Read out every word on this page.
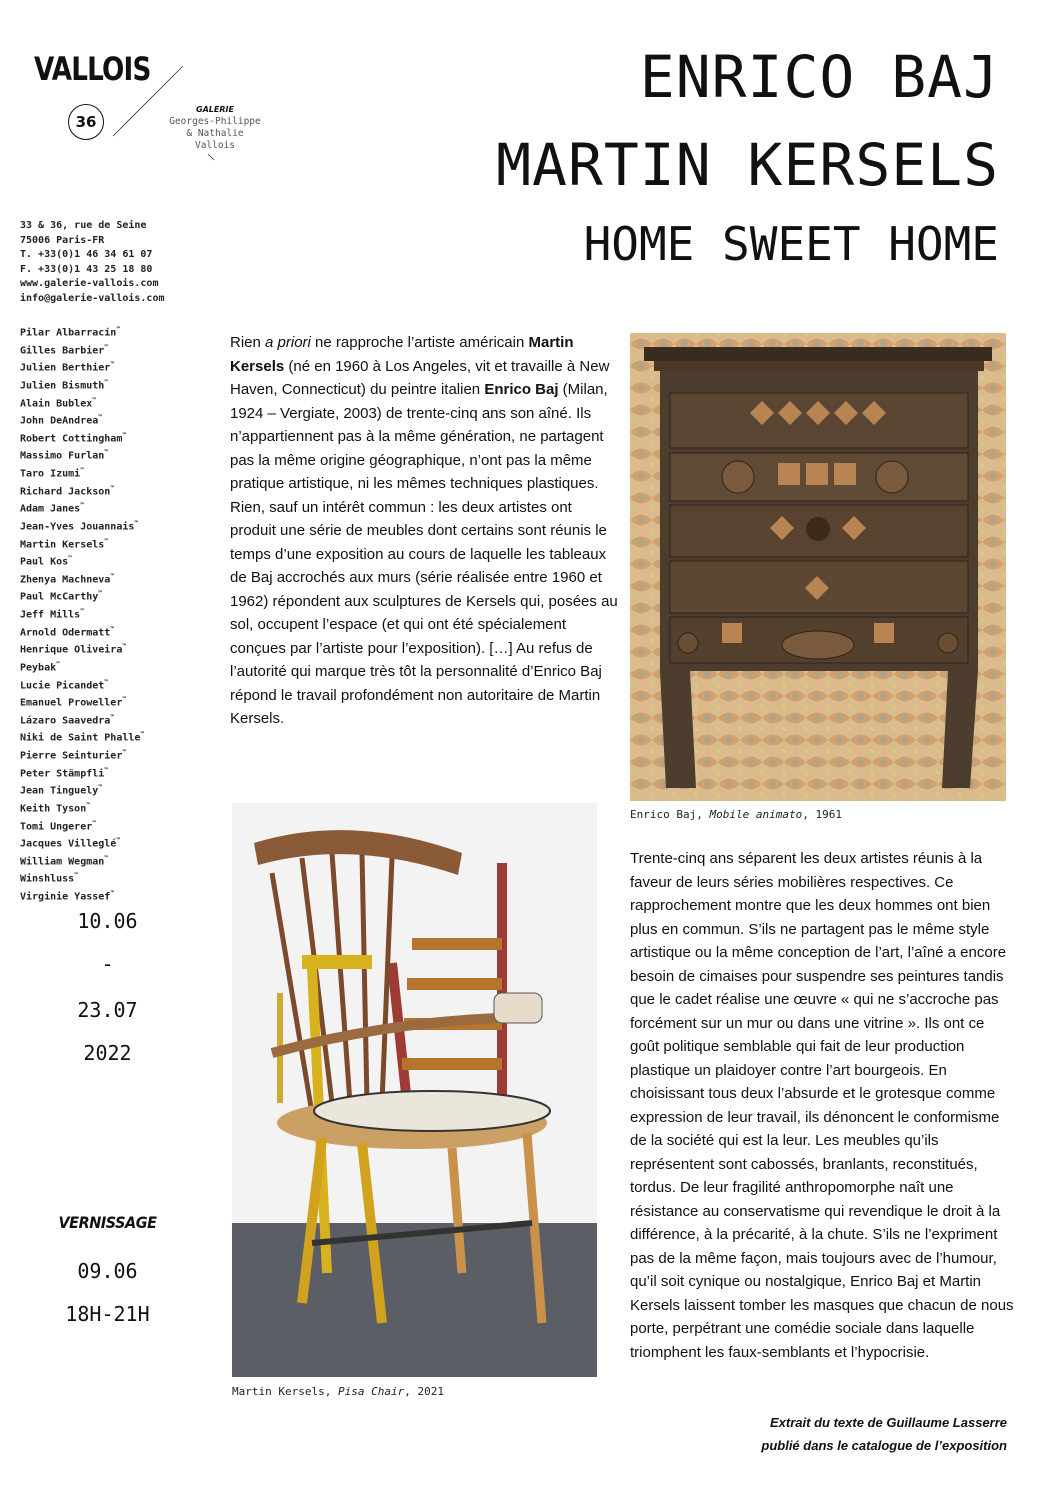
VALLOIS
36
GALERIE
Georges-Philippe
& Nathalie
Vallois
ENRICO BAJ
MARTIN KERSELS
HOME SWEET HOME
33 & 36, rue de Seine
75006 Paris-FR
T. +33(0)1 46 34 61 07
F. +33(0)1 43 25 18 80
www.galerie-vallois.com
info@galerie-vallois.com
Pilar Albarracín™
Gilles Barbier™
Julien Berthier™
Julien Bismuth™
Alain Bublex™
John DeAndrea™
Robert Cottingham™
Massimo Furlan™
Taro Izumi™
Richard Jackson™
Adam Janes™
Jean-Yves Jouannais™
Martin Kersels™
Paul Kos™
Zhenya Machneva™
Paul McCarthy™
Jeff Mills™
Arnold Odermatt™
Henrique Oliveira™
Peybak™
Lucie Picandet™
Emanuel Proweller™
Lázaro Saavedra™
Niki de Saint Phalle™
Pierre Seinturier™
Peter Stämpfli™
Jean Tinguely™
Keith Tyson™
Tomi Ungerer™
Jacques Villeglé™
William Wegman™
Winshluss™
Virginie Yassef™
10.06
-
23.07
2022
VERNISSAGE
09.06
18H-21H
Rien a priori ne rapproche l’artiste américain Martin Kersels (né en 1960 à Los Angeles, vit et travaille à New Haven, Connecticut) du peintre italien Enrico Baj (Milan, 1924 – Vergiate, 2003) de trente-cinq ans son aîné. Ils n’appartiennent pas à la même génération, ne partagent pas la même origine géographique, n’ont pas la même pratique artistique, ni les mêmes techniques plastiques. Rien, sauf un intérêt commun : les deux artistes ont produit une série de meubles dont certains sont réunis le temps d’une exposition au cours de laquelle les tableaux de Baj accrochés aux murs (série réalisée entre 1960 et 1962) répondent aux sculptures de Kersels qui, posées au sol, occupent l’espace (et qui ont été spécialement conçues par l’artiste pour l’exposition). […] Au refus de l’autorité qui marque très tôt la personnalité d’Enrico Baj répond le travail profondément non autoritaire de Martin Kersels.
Enrico Baj, Mobile animato, 1961
Martin Kersels, Pisa Chair, 2021
Trente-cinq ans séparent les deux artistes réunis à la faveur de leurs séries mobilières respectives. Ce rapprochement montre que les deux hommes ont bien plus en commun. S’ils ne partagent pas le même style artistique ou la même conception de l’art, l’aîné a encore besoin de cimaises pour suspendre ses peintures tandis que le cadet réalise une œuvre « qui ne s’accroche pas forcément sur un mur ou dans une vitrine ». Ils ont ce goût politique semblable qui fait de leur production plastique un plaidoyer contre l’art bourgeois. En choisissant tous deux l’absurde et le grotesque comme expression de leur travail, ils dénoncent le conformisme de la société qui est la leur. Les meubles qu’ils représentent sont cabossés, branlants, reconstitués, tordus. De leur fragilité anthropomorphe naît une résistance au conservatisme qui revendique le droit à la différence, à la précarité, à la chute. S’ils ne l’expriment pas de la même façon, mais toujours avec de l’humour, qu’il soit cynique ou nostalgique, Enrico Baj et Martin Kersels laissent tomber les masques que chacun de nous porte, perpétrant une comédie sociale dans laquelle triomphent les faux-semblants et l’hypocrisie.
Extrait du texte de Guillaume Lasserre
publié dans le catalogue de l’exposition
